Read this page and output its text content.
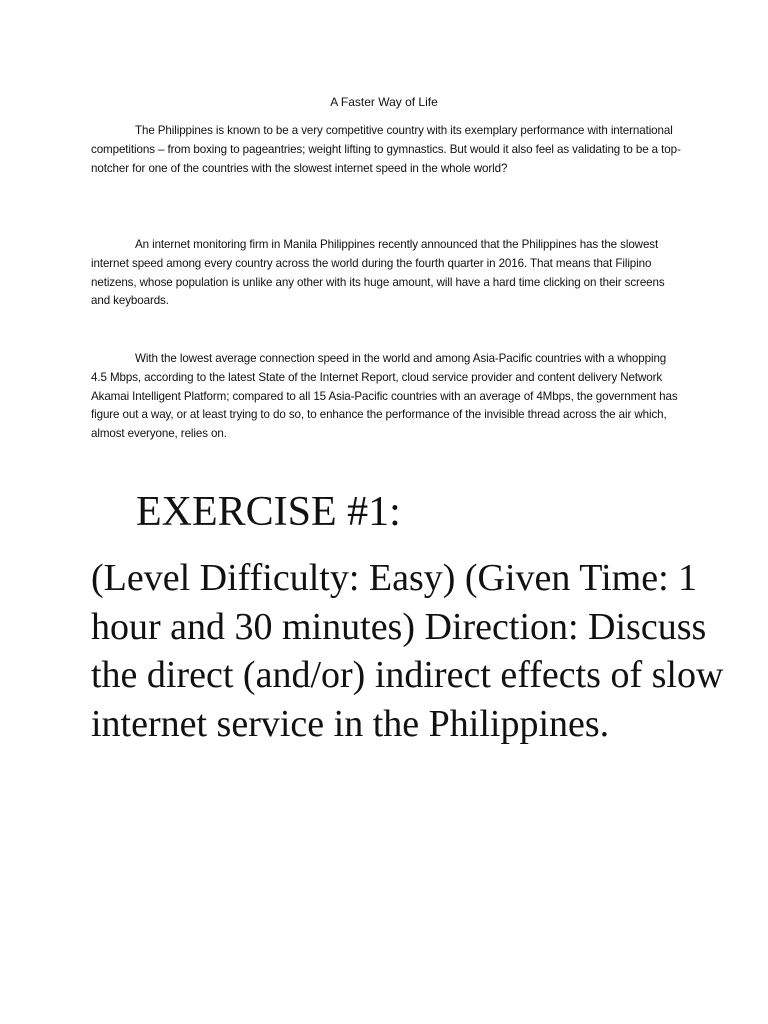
A Faster Way of Life

The Philippines is known to be a very competitive country with its exemplary performance with international competitions – from boxing to pageantries; weight lifting to gymnastics. But would it also feel as validating to be a top-notcher for one of the countries with the slowest internet speed in the whole world?

An internet monitoring firm in Manila Philippines recently announced that the Philippines has the slowest internet speed among every country across the world during the fourth quarter in 2016. That means that Filipino netizens, whose population is unlike any other with its huge amount, will have a hard time clicking on their screens and keyboards.

With the lowest average connection speed in the world and among Asia-Pacific countries with a whopping 4.5 Mbps, according to the latest State of the Internet Report, cloud service provider and content delivery Network Akamai Intelligent Platform; compared to all 15 Asia-Pacific countries with an average of 4Mbps, the government has figure out a way, or at least trying to do so, to enhance the performance of the invisible thread across the air which, almost everyone, relies on.

EXERCISE #1:

(Level Difficulty: Easy) (Given Time: 1 hour and 30 minutes) Direction: Discuss the direct (and/or) indirect effects of slow internet service in the Philippines.
